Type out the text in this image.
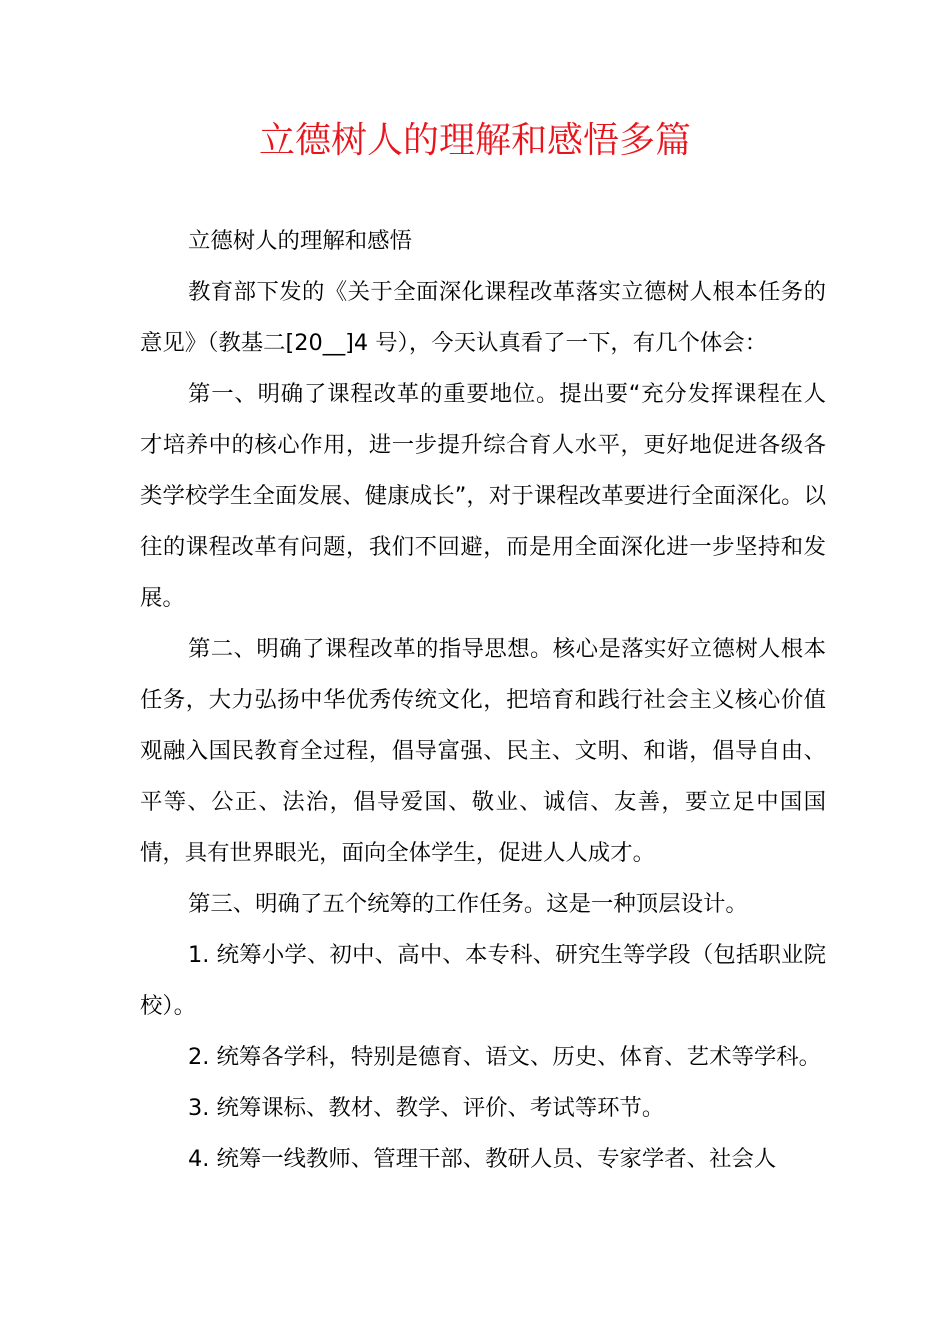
立德树人的理解和感悟多篇

立德树人的理解和感悟

教育部下发的《关于全面深化课程改革落实立德树人根本任务的意见》（教基二[20__]4 号），今天认真看了一下，有几个体会：

第一、明确了课程改革的重要地位。提出要“充分发挥课程在人才培养中的核心作用，进一步提升综合育人水平，更好地促进各级各类学校学生全面发展、健康成长”，对于课程改革要进行全面深化。以往的课程改革有问题，我们不回避，而是用全面深化进一步坚持和发展。

第二、明确了课程改革的指导思想。核心是落实好立德树人根本任务，大力弘扬中华优秀传统文化，把培育和践行社会主义核心价值观融入国民教育全过程，倡导富强、民主、文明、和谐，倡导自由、平等、公正、法治，倡导爱国、敬业、诚信、友善，要立足中国国情，具有世界眼光，面向全体学生，促进人人成才。

第三、明确了五个统筹的工作任务。这是一种顶层设计。

1. 统筹小学、初中、高中、本专科、研究生等学段（包括职业院校）。

2. 统筹各学科，特别是德育、语文、历史、体育、艺术等学科。

3. 统筹课标、教材、教学、评价、考试等环节。

4. 统筹一线教师、管理干部、教研人员、专家学者、社会人
